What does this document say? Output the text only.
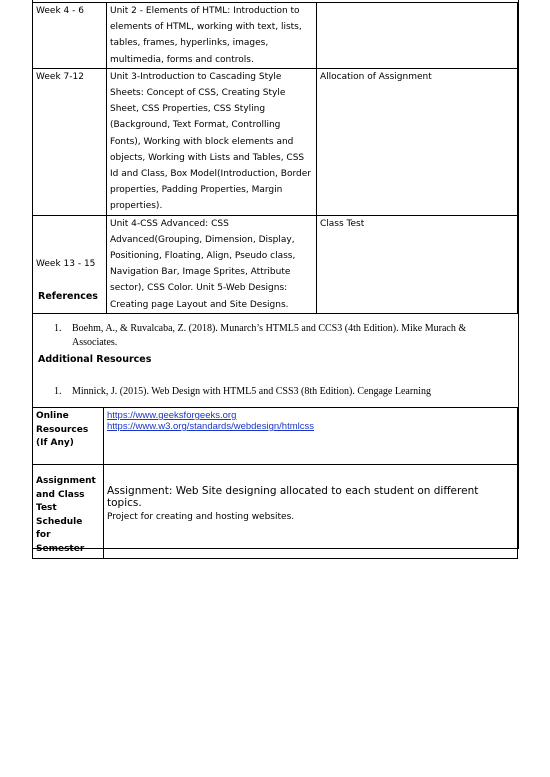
Week 4 - 6	Unit 2 - Elements of HTML: Introduction to elements of HTML, working with text, lists, tables, frames, hyperlinks, images, multimedia, forms and controls.	
Week 7-12	Unit 3-Introduction to Cascading Style Sheets: Concept of CSS, Creating Style Sheet, CSS Properties, CSS Styling (Background, Text Format, Controlling Fonts), Working with block elements and objects, Working with Lists and Tables, CSS Id and Class, Box Model(Introduction, Border properties, Padding Properties, Margin properties).	Allocation of Assignment
Week 13 - 15	Unit 4-CSS Advanced: CSS Advanced(Grouping, Dimension, Display, Positioning, Floating, Align, Pseudo class, Navigation Bar, Image Sprites, Attribute sector), CSS Color. Unit 5-Web Designs: Creating page Layout and Site Designs.	Class Test
References
1.	Boehm, A., & Ruvalcaba, Z. (2018). Munarch’s HTML5 and CCS3 (4th Edition). Mike Murach & Associates.
Additional Resources
1.	Minnick, J. (2015). Web Design with HTML5 and CSS3 (8th Edition). Cengage Learning
Online Resources (If Any)	https://www.geeksforgeeks.org
https://www.w3.org/standards/webdesign/htmlcss

Assignment and Class Test Schedule for Semester	Assignment: Web Site designing allocated to each student on different topics.
Project for creating and hosting websites.
